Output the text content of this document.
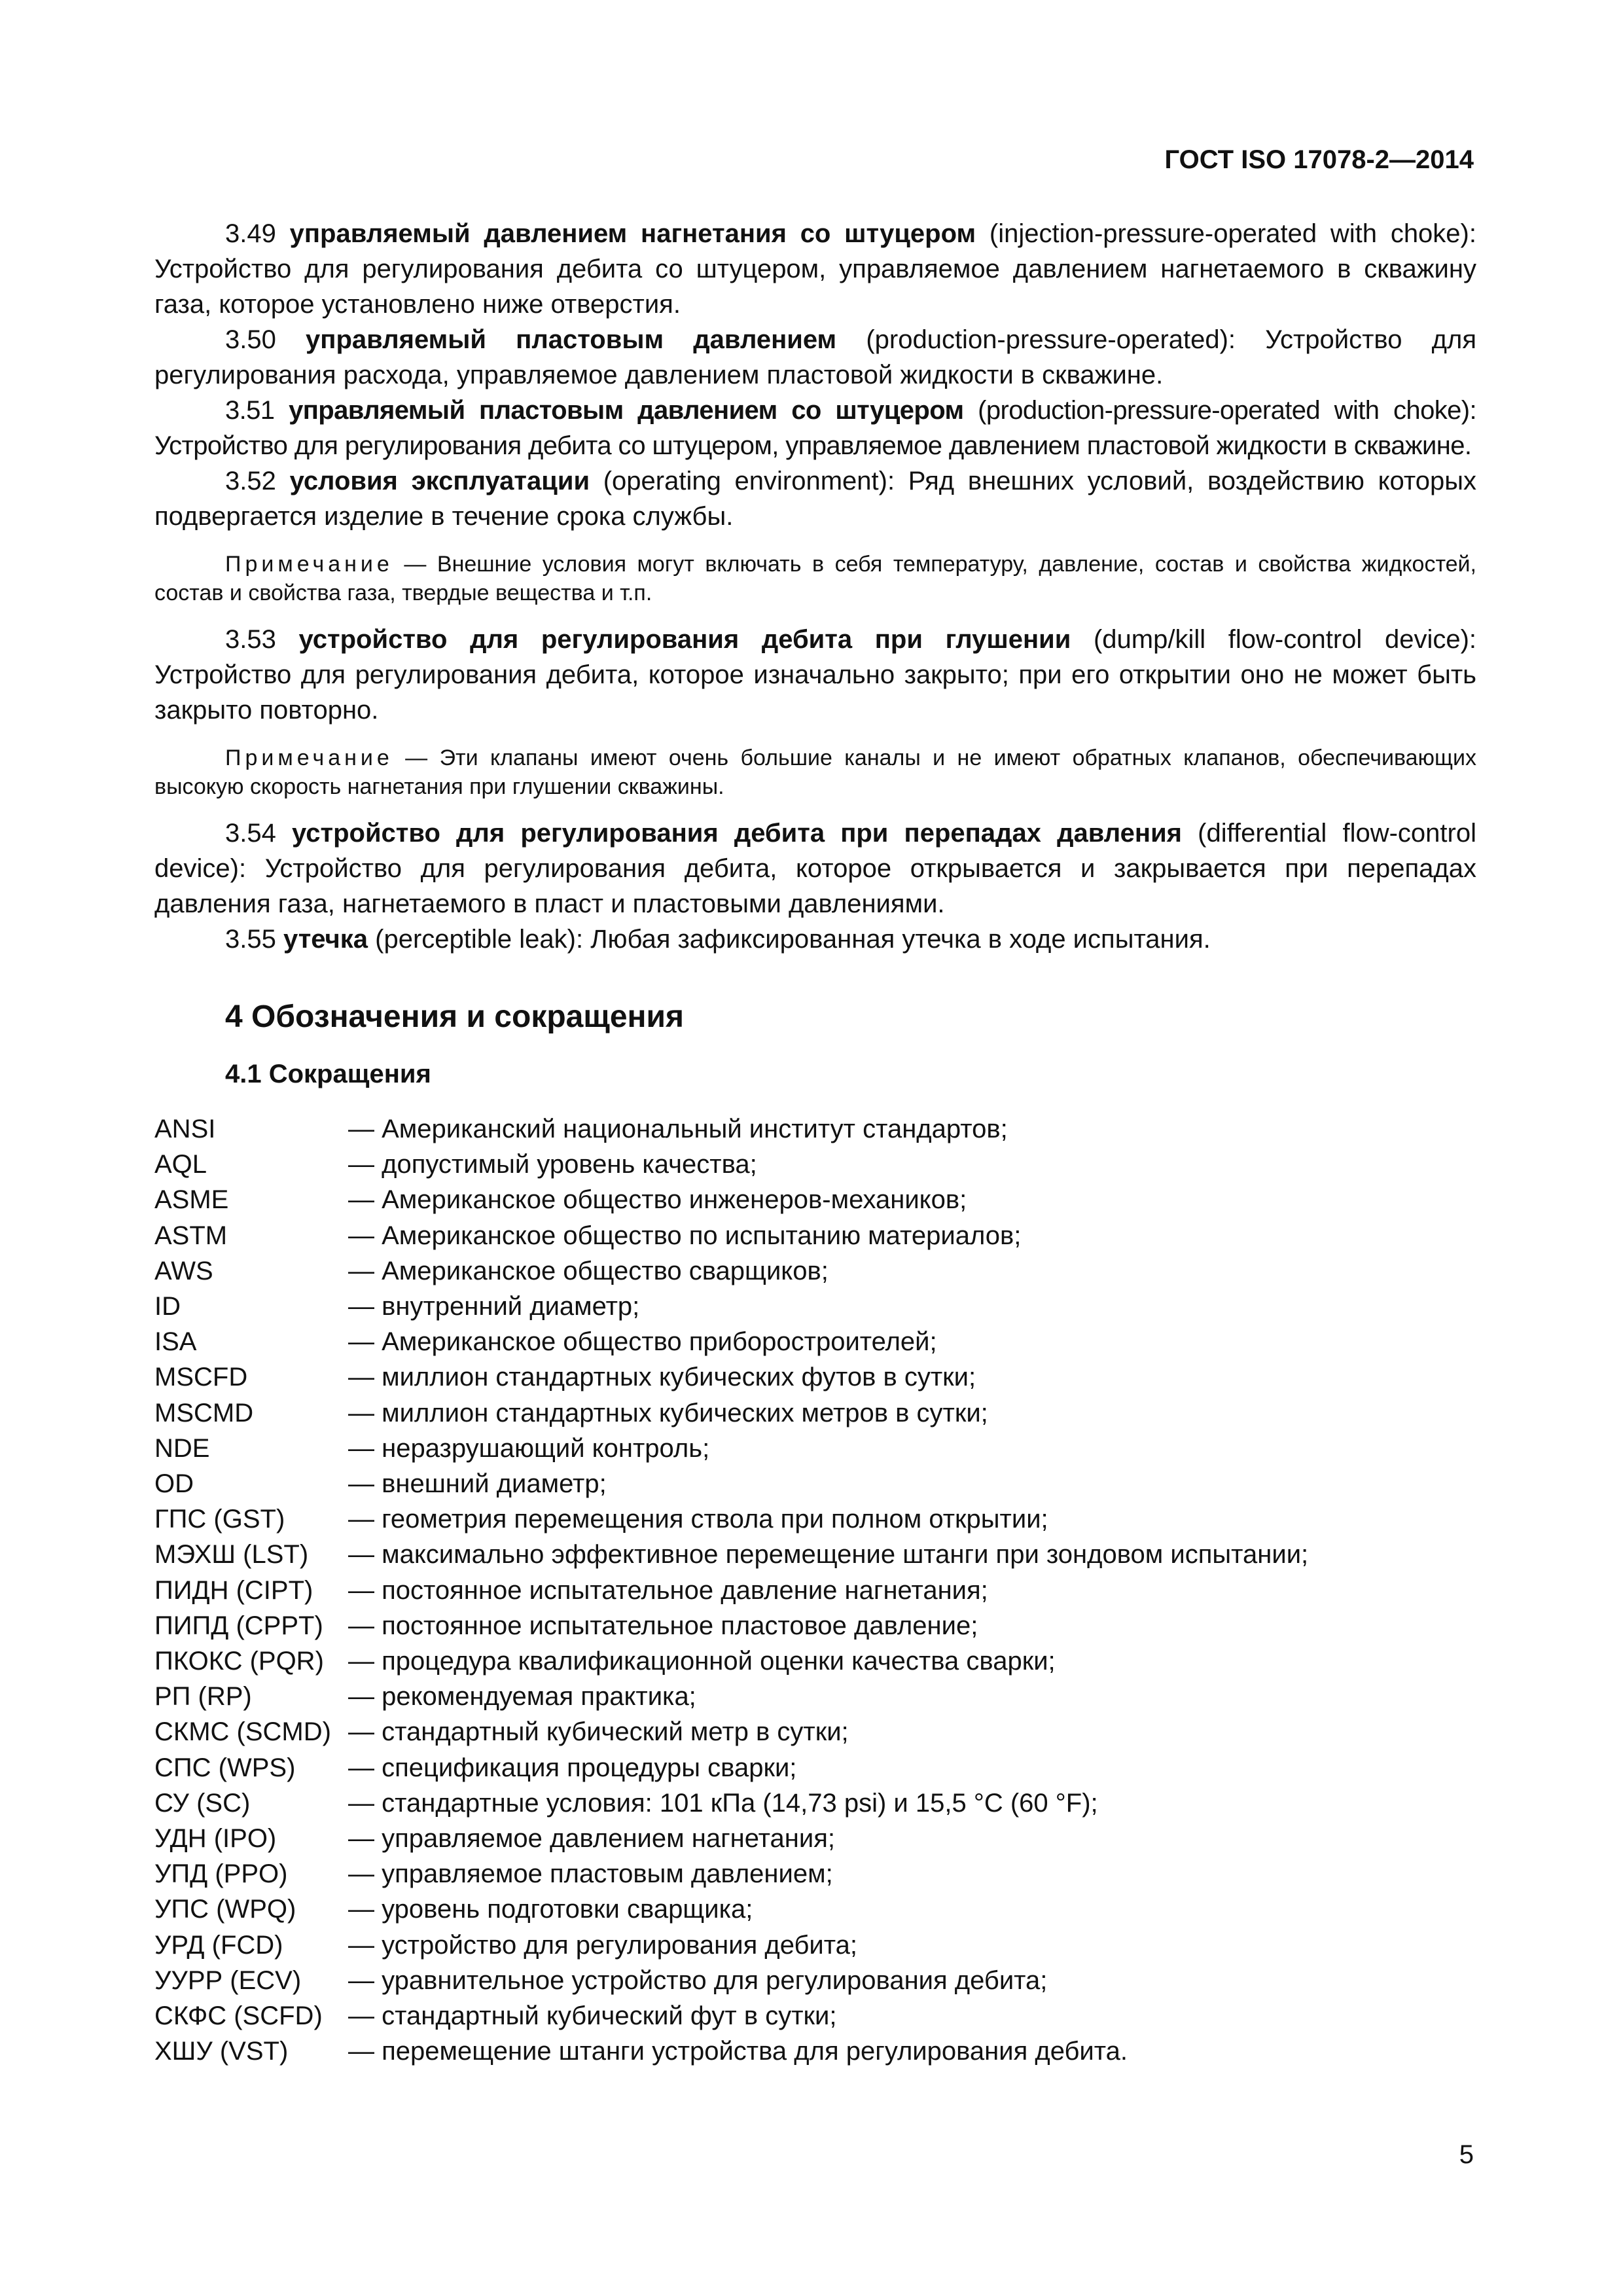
ГОСТ ISO 17078-2—2014

3.49 управляемый давлением нагнетания со штуцером (injection-pressure-operated with choke): Устройство для регулирования дебита со штуцером, управляемое давлением нагнетаемого в скважину газа, которое установлено ниже отверстия.

3.50 управляемый пластовым давлением (production-pressure-operated): Устройство для регулирования расхода, управляемое давлением пластовой жидкости в скважине.

3.51 управляемый пластовым давлением со штуцером (production-pressure-operated with choke): Устройство для регулирования дебита со штуцером, управляемое давлением пластовой жидкости в скважине.

3.52 условия эксплуатации (operating environment): Ряд внешних условий, воздействию которых подвергается изделие в течение срока службы.

Примечание — Внешние условия могут включать в себя температуру, давление, состав и свойства жидкостей, состав и свойства газа, твердые вещества и т.п.

3.53 устройство для регулирования дебита при глушении (dump/kill flow-control device): Устройство для регулирования дебита, которое изначально закрыто; при его открытии оно не может быть закрыто повторно.

Примечание — Эти клапаны имеют очень большие каналы и не имеют обратных клапанов, обеспечивающих высокую скорость нагнетания при глушении скважины.

3.54 устройство для регулирования дебита при перепадах давления (differential flow-control device): Устройство для регулирования дебита, которое открывается и закрывается при перепадах давления газа, нагнетаемого в пласт и пластовыми давлениями.

3.55 утечка (perceptible leak): Любая зафиксированная утечка в ходе испытания.

4 Обозначения и сокращения
4.1 Сокращения
ANSI	— Американский национальный институт стандартов;
AQL	— допустимый уровень качества;
ASME	— Американское общество инженеров-механиков;
ASTM	— Американское общество по испытанию материалов;
AWS	— Американское общество сварщиков;
ID	— внутренний диаметр;
ISA	— Американское общество приборостроителей;
MSCFD	— миллион стандартных кубических футов в сутки;
MSCMD	— миллион стандартных кубических метров в сутки;
NDE	— неразрушающий контроль;
OD	— внешний диаметр;
ГПС (GST)	— геометрия перемещения ствола при полном открытии;
МЭХШ (LST)	— максимально эффективное перемещение штанги при зондовом испытании;
ПИДН (CIPT)	— постоянное испытательное давление нагнетания;
ПИПД (CPPT) — постоянное испытательное пластовое давление;
ПКОКС (PQR) — процедура квалификационной оценки качества сварки;
РП (RP)	— рекомендуемая практика;
СКМС (SCMD) — стандартный кубический метр в сутки;
СПС (WPS)	— спецификация процедуры сварки;
СУ (SC)	— стандартные условия: 101 кПа (14,73 psi) и 15,5 °С (60 °F);
УДН (IPO)	— управляемое давлением нагнетания;
УПД (PPO)	— управляемое пластовым давлением;
УПС (WPQ)	— уровень подготовки сварщика;
УРД (FCD)	— устройство для регулирования дебита;
УУРР (ECV)	— уравнительное устройство для регулирования дебита;
СКФС (SCFD) — стандартный кубический фут в сутки;
ХШУ (VST)	— перемещение штанги устройства для регулирования дебита.
5
